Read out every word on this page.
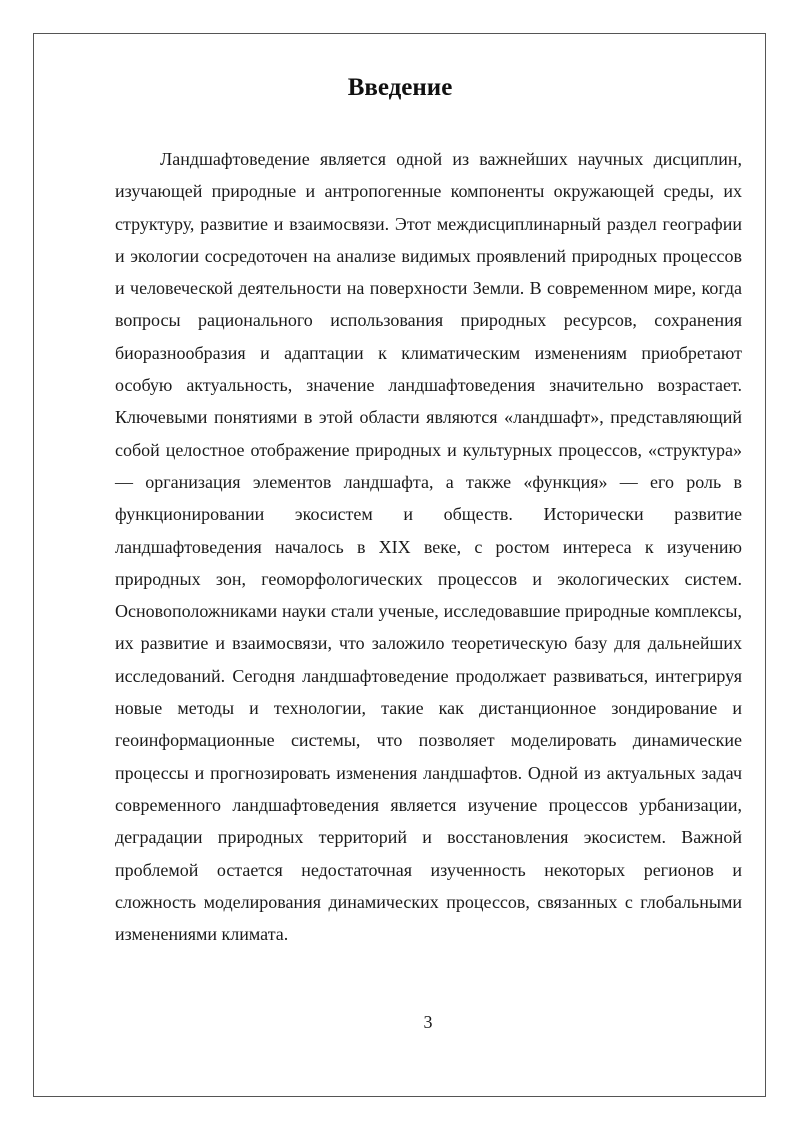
Введение

Ландшафтоведение является одной из важнейших научных дисциплин, изучающей природные и антропогенные компоненты окружающей среды, их структуру, развитие и взаимосвязи. Этот междисциплинарный раздел географии и экологии сосредоточен на анализе видимых проявлений природных процессов и человеческой деятельности на поверхности Земли. В современном мире, когда вопросы рационального использования природных ресурсов, сохранения биоразнообразия и адаптации к климатическим изменениям приобретают особую актуальность, значение ландшафтоведения значительно возрастает. Ключевыми понятиями в этой области являются «ландшафт», представляющий собой целостное отображение природных и культурных процессов, «структура» — организация элементов ландшафта, а также «функция» — его роль в функционировании экосистем и обществ. Исторически развитие ландшафтоведения началось в XIX веке, с ростом интереса к изучению природных зон, геоморфологических процессов и экологических систем. Основоположниками науки стали ученые, исследовавшие природные комплексы, их развитие и взаимосвязи, что заложило теоретическую базу для дальнейших исследований. Сегодня ландшафтоведение продолжает развиваться, интегрируя новые методы и технологии, такие как дистанционное зондирование и геоинформационные системы, что позволяет моделировать динамические процессы и прогнозировать изменения ландшафтов. Одной из актуальных задач современного ландшафтоведения является изучение процессов урбанизации, деградации природных территорий и восстановления экосистем. Важной проблемой остается недостаточная изученность некоторых регионов и сложность моделирования динамических процессов, связанных с глобальными изменениями климата.

3
